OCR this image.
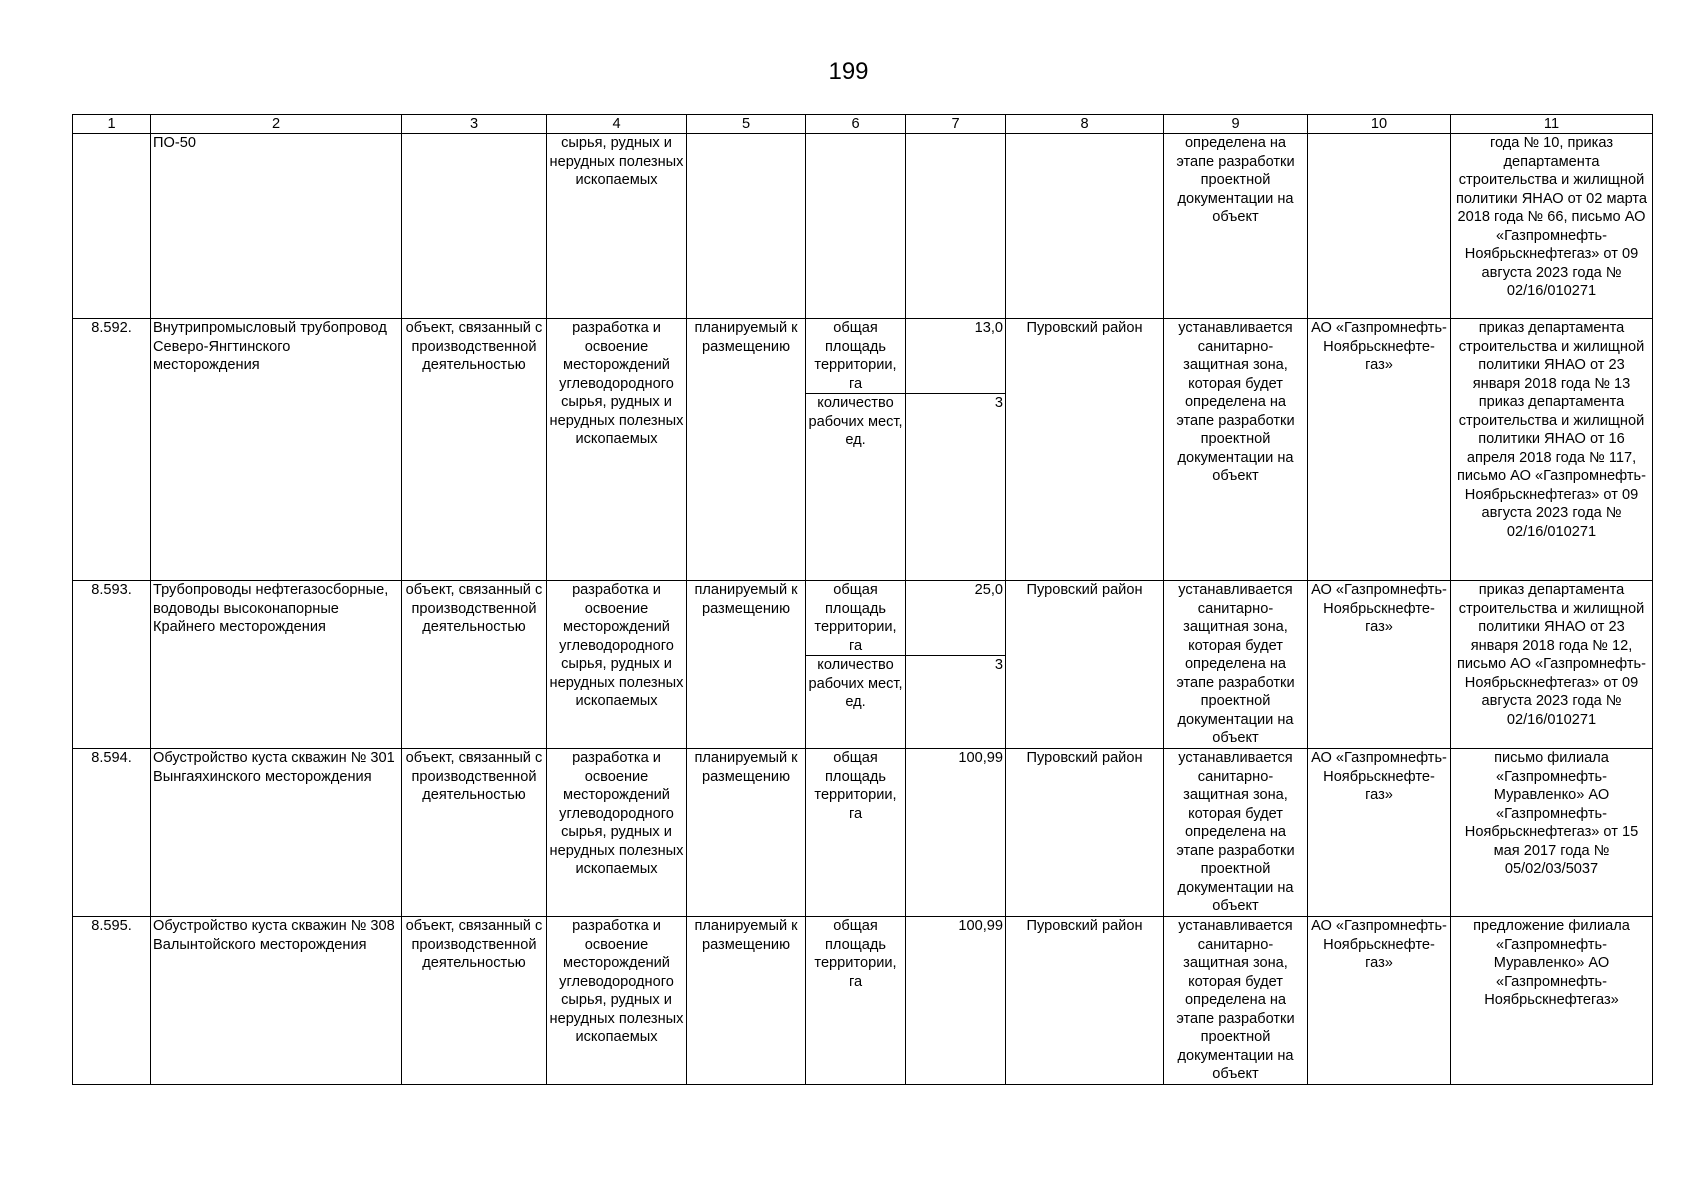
199
1	2	3	4	5	6	7	8	9	10	11
	ПО-50		сырья, рудных и нерудных полезных ископаемых					определена на этапе разработки проектной документации на объект		года № 10, приказ департамента строительства и жилищной политики ЯНАО от 02 марта 2018 года № 66, письмо АО «Газпромнефть-Ноябрьскнефтегаз» от 09 августа 2023 года № 02/16/010271
8.592.	Внутрипромысловый трубопровод Северо-Янгтинского месторождения	объект, связанный с производственной деятельностью	разработка и освоение месторождений углеводородного сырья, рудных и нерудных полезных ископаемых	планируемый к размещению	общая площадь территории, га	13,0	Пуровский район	устанавливается санитарно-защитная зона, которая будет определена на этапе разработки проектной документации на объект	АО «Газпромнефть-Ноябрьскнефте-газ»	приказ департамента строительства и жилищной политики ЯНАО от 23 января 2018 года № 13 приказ департамента строительства и жилищной политики ЯНАО от 16 апреля 2018 года № 117, письмо АО «Газпромнефть-Ноябрьскнефтегаз» от 09 августа 2023 года № 02/16/010271
					количество рабочих мест, ед.	3				
8.593.	Трубопроводы нефтегазосборные, водоводы высоконапорные Крайнего месторождения	объект, связанный с производственной деятельностью	разработка и освоение месторождений углеводородного сырья, рудных и нерудных полезных ископаемых	планируемый к размещению	общая площадь территории, га	25,0	Пуровский район	устанавливается санитарно-защитная зона, которая будет определена на этапе разработки проектной документации на объект	АО «Газпромнефть-Ноябрьскнефте-газ»	приказ департамента строительства и жилищной политики ЯНАО от 23 января 2018 года № 12, письмо АО «Газпромнефть-Ноябрьскнефтегаз» от 09 августа 2023 года № 02/16/010271
					количество рабочих мест, ед.	3				
8.594.	Обустройство куста скважин № 301 Вынгаяхинского месторождения	объект, связанный с производственной деятельностью	разработка и освоение месторождений углеводородного сырья, рудных и нерудных полезных ископаемых	планируемый к размещению	общая площадь территории, га	100,99	Пуровский район	устанавливается санитарно-защитная зона, которая будет определена на этапе разработки проектной документации на объект	АО «Газпромнефть-Ноябрьскнефте-газ»	письмо филиала «Газпромнефть-Муравленко» АО «Газпромнефть-Ноябрьскнефтегаз» от 15 мая 2017 года № 05/02/03/5037
8.595.	Обустройство куста скважин № 308 Валынтойского месторождения	объект, связанный с производственной деятельностью	разработка и освоение месторождений углеводородного сырья, рудных и нерудных полезных ископаемых	планируемый к размещению	общая площадь территории, га	100,99	Пуровский район	устанавливается санитарно-защитная зона, которая будет определена на этапе разработки проектной документации на объект	АО «Газпромнефть-Ноябрьскнефте-газ»	предложение филиала «Газпромнефть-Муравленко» АО «Газпромнефть-Ноябрьскнефтегаз»
